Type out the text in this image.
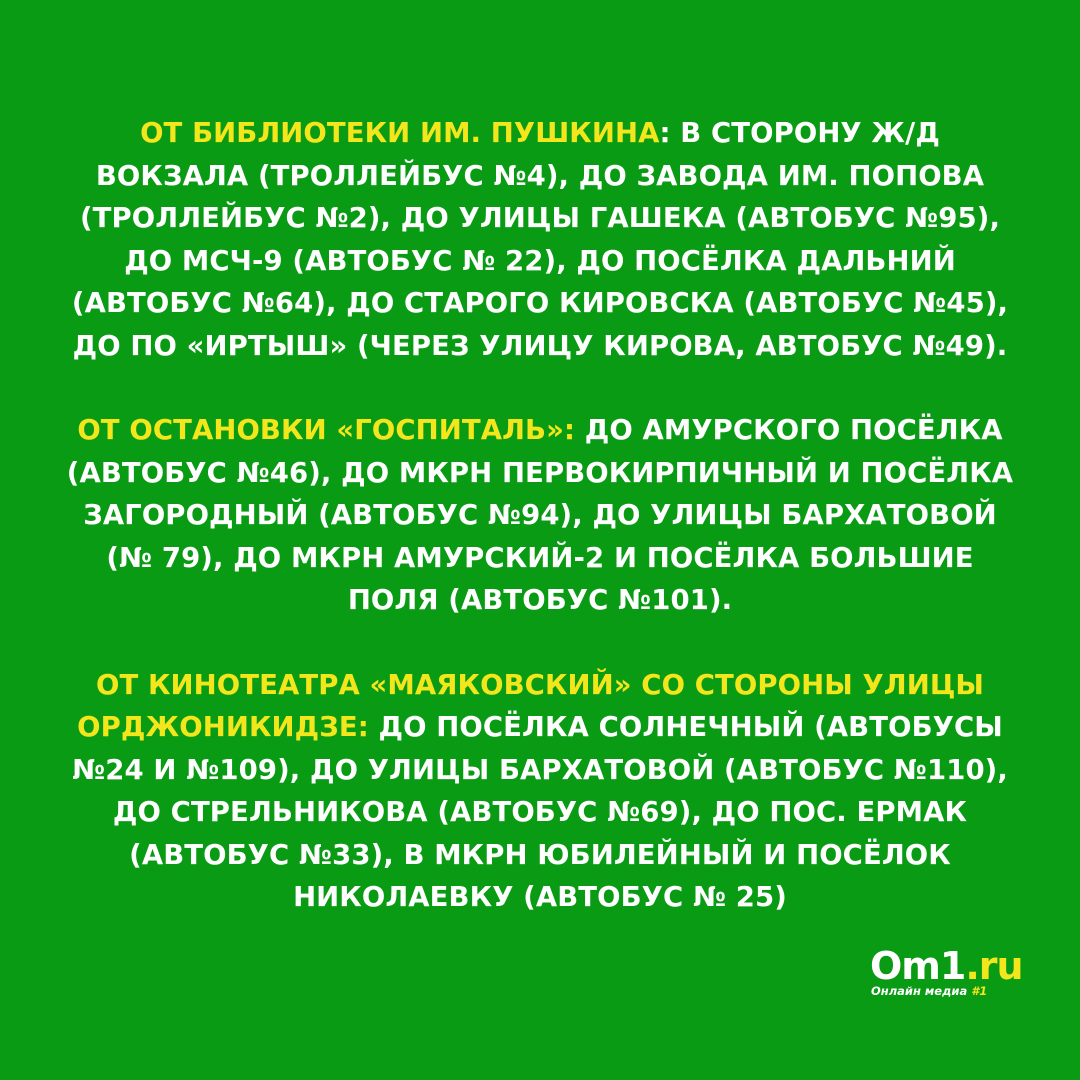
ОТ БИБЛИОТЕКИ ИМ. ПУШКИНА: В СТОРОНУ Ж/Д
ВОКЗАЛА (ТРОЛЛЕЙБУС №4), ДО ЗАВОДА ИМ. ПОПОВА
(ТРОЛЛЕЙБУС №2), ДО УЛИЦЫ ГАШЕКА (АВТОБУС №95),
ДО МСЧ-9 (АВТОБУС № 22), ДО ПОСЁЛКА ДАЛЬНИЙ
(АВТОБУС №64), ДО СТАРОГО КИРОВСКА (АВТОБУС №45),
ДО ПО «ИРТЫШ» (ЧЕРЕЗ УЛИЦУ КИРОВА, АВТОБУС №49).

ОТ ОСТАНОВКИ «ГОСПИТАЛЬ»: ДО АМУРСКОГО ПОСЁЛКА
(АВТОБУС №46), ДО МКРН ПЕРВОКИРПИЧНЫЙ И ПОСЁЛКА
ЗАГОРОДНЫЙ (АВТОБУС №94), ДО УЛИЦЫ БАРХАТОВОЙ
(№ 79), ДО МКРН АМУРСКИЙ-2 И ПОСЁЛКА БОЛЬШИЕ
ПОЛЯ (АВТОБУС №101).

ОТ КИНОТЕАТРА «МАЯКОВСКИЙ» СО СТОРОНЫ УЛИЦЫ
ОРДЖОНИКИДЗЕ: ДО ПОСЁЛКА СОЛНЕЧНЫЙ (АВТОБУСЫ
№24 И №109), ДО УЛИЦЫ БАРХАТОВОЙ (АВТОБУС №110),
ДО СТРЕЛЬНИКОВА (АВТОБУС №69), ДО ПОС. ЕРМАК
(АВТОБУС №33), В МКРН ЮБИЛЕЙНЫЙ И ПОСЁЛОК
НИКОЛАЕВКУ (АВТОБУС № 25)

Om1.ru
Онлайн медиа #1
